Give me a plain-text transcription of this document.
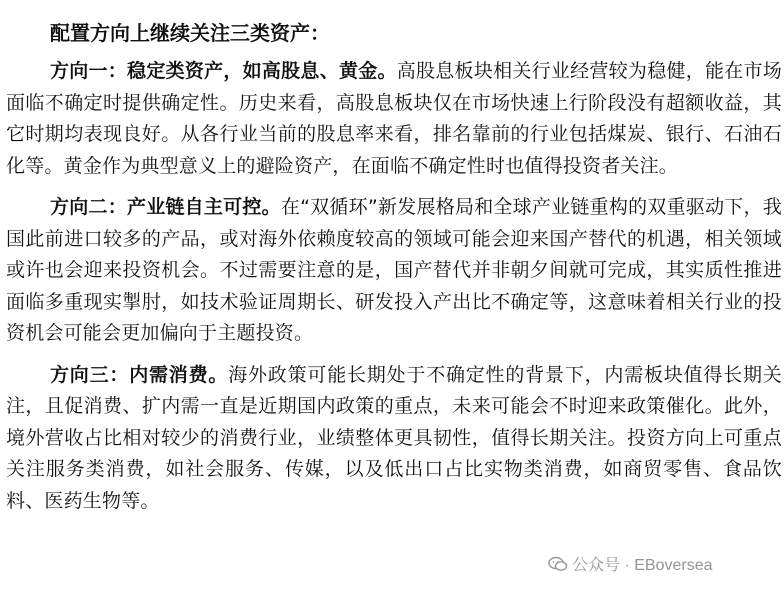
配置方向上继续关注三类资产：

方向一：稳定类资产，如高股息、黄金。高股息板块相关行业经营较为稳健，能在市场面临不确定时提供确定性。历史来看，高股息板块仅在市场快速上行阶段没有超额收益，其它时期均表现良好。从各行业当前的股息率来看，排名靠前的行业包括煤炭、银行、石油石化等。黄金作为典型意义上的避险资产，在面临不确定性时也值得投资者关注。

方向二：产业链自主可控。在“双循环”新发展格局和全球产业链重构的双重驱动下，我国此前进口较多的产品，或对海外依赖度较高的领域可能会迎来国产替代的机遇，相关领域或许也会迎来投资机会。不过需要注意的是，国产替代并非朝夕间就可完成，其实质性推进面临多重现实掣肘，如技术验证周期长、研发投入产出比不确定等，这意味着相关行业的投资机会可能会更加偏向于主题投资。

方向三：内需消费。海外政策可能长期处于不确定性的背景下，内需板块值得长期关注，且促消费、扩内需一直是近期国内政策的重点，未来可能会不时迎来政策催化。此外，境外营收占比相对较少的消费行业，业绩整体更具韧性，值得长期关注。投资方向上可重点关注服务类消费，如社会服务、传媒，以及低出口占比实物类消费，如商贸零售、食品饮料、医药生物等。

公众号 · EBoversea
